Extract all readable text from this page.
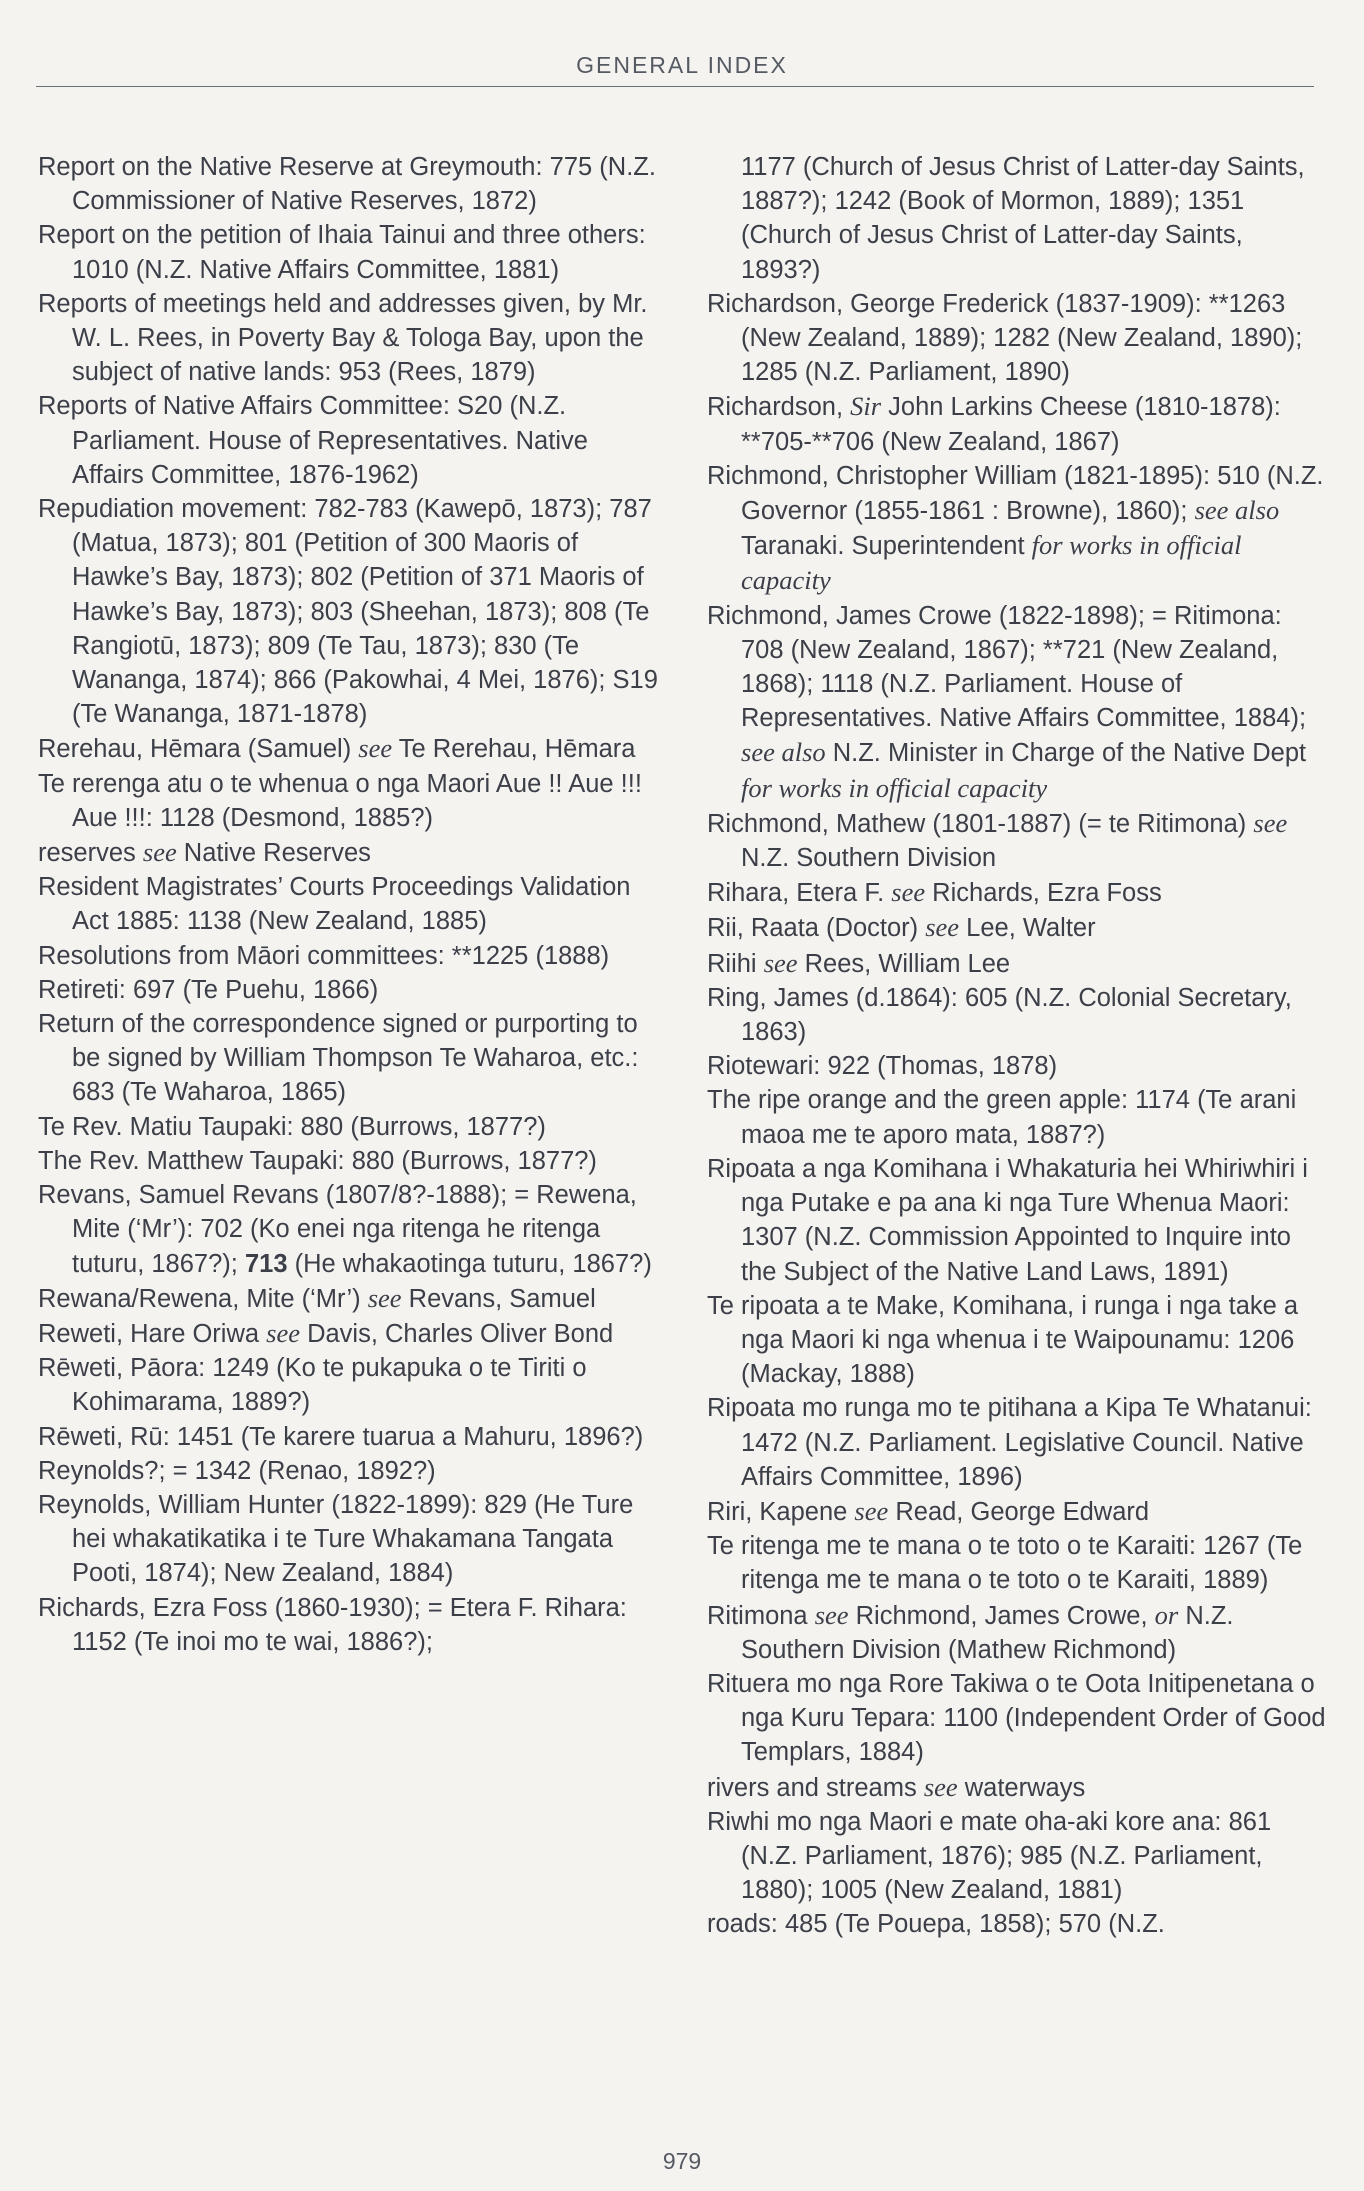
GENERAL INDEX

Report on the Native Reserve at Greymouth: 775 (N.Z. Commissioner of Native Reserves, 1872)

Report on the petition of Ihaia Tainui and three others: 1010 (N.Z. Native Affairs Committee, 1881)

Reports of meetings held and addresses given, by Mr. W. L. Rees, in Poverty Bay & Tologa Bay, upon the subject of native lands: 953 (Rees, 1879)

Reports of Native Affairs Committee: S20 (N.Z. Parliament. House of Representatives. Native Affairs Committee, 1876-1962)

Repudiation movement: 782-783 (Kawepō, 1873); 787 (Matua, 1873); 801 (Petition of 300 Maoris of Hawke’s Bay, 1873); 802 (Petition of 371 Maoris of Hawke’s Bay, 1873); 803 (Sheehan, 1873); 808 (Te Rangiotū, 1873); 809 (Te Tau, 1873); 830 (Te Wananga, 1874); 866 (Pakowhai, 4 Mei, 1876); S19 (Te Wananga, 1871-1878)

Rerehau, Hēmara (Samuel) see Te Rerehau, Hēmara

Te rerenga atu o te whenua o nga Maori Aue !! Aue !!! Aue !!!: 1128 (Desmond, 1885?)

reserves see Native Reserves

Resident Magistrates’ Courts Proceedings Validation Act 1885: 1138 (New Zealand, 1885)

Resolutions from Māori committees: **1225 (1888)

Retireti: 697 (Te Puehu, 1866)

Return of the correspondence signed or purporting to be signed by William Thompson Te Waharoa, etc.: 683 (Te Waharoa, 1865)

Te Rev. Matiu Taupaki: 880 (Burrows, 1877?)

The Rev. Matthew Taupaki: 880 (Burrows, 1877?)

Revans, Samuel Revans (1807/8?-1888); = Rewena, Mite (‘Mr’): 702 (Ko enei nga ritenga he ritenga tuturu, 1867?); 713 (He whakaotinga tuturu, 1867?)

Rewana/Rewena, Mite (‘Mr’) see Revans, Samuel

Reweti, Hare Oriwa see Davis, Charles Oliver Bond

Rēweti, Pāora: 1249 (Ko te pukapuka o te Tiriti o Kohimarama, 1889?)

Rēweti, Rū: 1451 (Te karere tuarua a Mahuru, 1896?)

Reynolds?; = 1342 (Renao, 1892?)

Reynolds, William Hunter (1822-1899): 829 (He Ture hei whakatikatika i te Ture Whakamana Tangata Pooti, 1874); New Zealand, 1884)

Richards, Ezra Foss (1860-1930); = Etera F. Rihara: 1152 (Te inoi mo te wai, 1886?);

1177 (Church of Jesus Christ of Latter-day Saints, 1887?); 1242 (Book of Mormon, 1889); 1351 (Church of Jesus Christ of Latter-day Saints, 1893?)

Richardson, George Frederick (1837-1909): **1263 (New Zealand, 1889); 1282 (New Zealand, 1890); 1285 (N.Z. Parliament, 1890)

Richardson, Sir John Larkins Cheese (1810-1878): **705-**706 (New Zealand, 1867)

Richmond, Christopher William (1821-1895): 510 (N.Z. Governor (1855-1861 : Browne), 1860); see also Taranaki. Superintendent for works in official capacity

Richmond, James Crowe (1822-1898); = Ritimona: 708 (New Zealand, 1867); **721 (New Zealand, 1868); 1118 (N.Z. Parliament. House of Representatives. Native Affairs Committee, 1884); see also N.Z. Minister in Charge of the Native Dept for works in official capacity

Richmond, Mathew (1801-1887) (= te Ritimona) see N.Z. Southern Division

Rihara, Etera F. see Richards, Ezra Foss

Rii, Raata (Doctor) see Lee, Walter

Riihi see Rees, William Lee

Ring, James (d.1864): 605 (N.Z. Colonial Secretary, 1863)

Riotewari: 922 (Thomas, 1878)

The ripe orange and the green apple: 1174 (Te arani maoa me te aporo mata, 1887?)

Ripoata a nga Komihana i Whakaturia hei Whiriwhiri i nga Putake e pa ana ki nga Ture Whenua Maori: 1307 (N.Z. Commission Appointed to Inquire into the Subject of the Native Land Laws, 1891)

Te ripoata a te Make, Komihana, i runga i nga take a nga Maori ki nga whenua i te Waipounamu: 1206 (Mackay, 1888)

Ripoata mo runga mo te pitihana a Kipa Te Whatanui: 1472 (N.Z. Parliament. Legislative Council. Native Affairs Committee, 1896)

Riri, Kapene see Read, George Edward

Te ritenga me te mana o te toto o te Karaiti: 1267 (Te ritenga me te mana o te toto o te Karaiti, 1889)

Ritimona see Richmond, James Crowe, or N.Z. Southern Division (Mathew Richmond)

Rituera mo nga Rore Takiwa o te Oota Initipenetana o nga Kuru Tepara: 1100 (Independent Order of Good Templars, 1884)

rivers and streams see waterways

Riwhi mo nga Maori e mate oha-aki kore ana: 861 (N.Z. Parliament, 1876); 985 (N.Z. Parliament, 1880); 1005 (New Zealand, 1881)

roads: 485 (Te Pouepa, 1858); 570 (N.Z.

979
